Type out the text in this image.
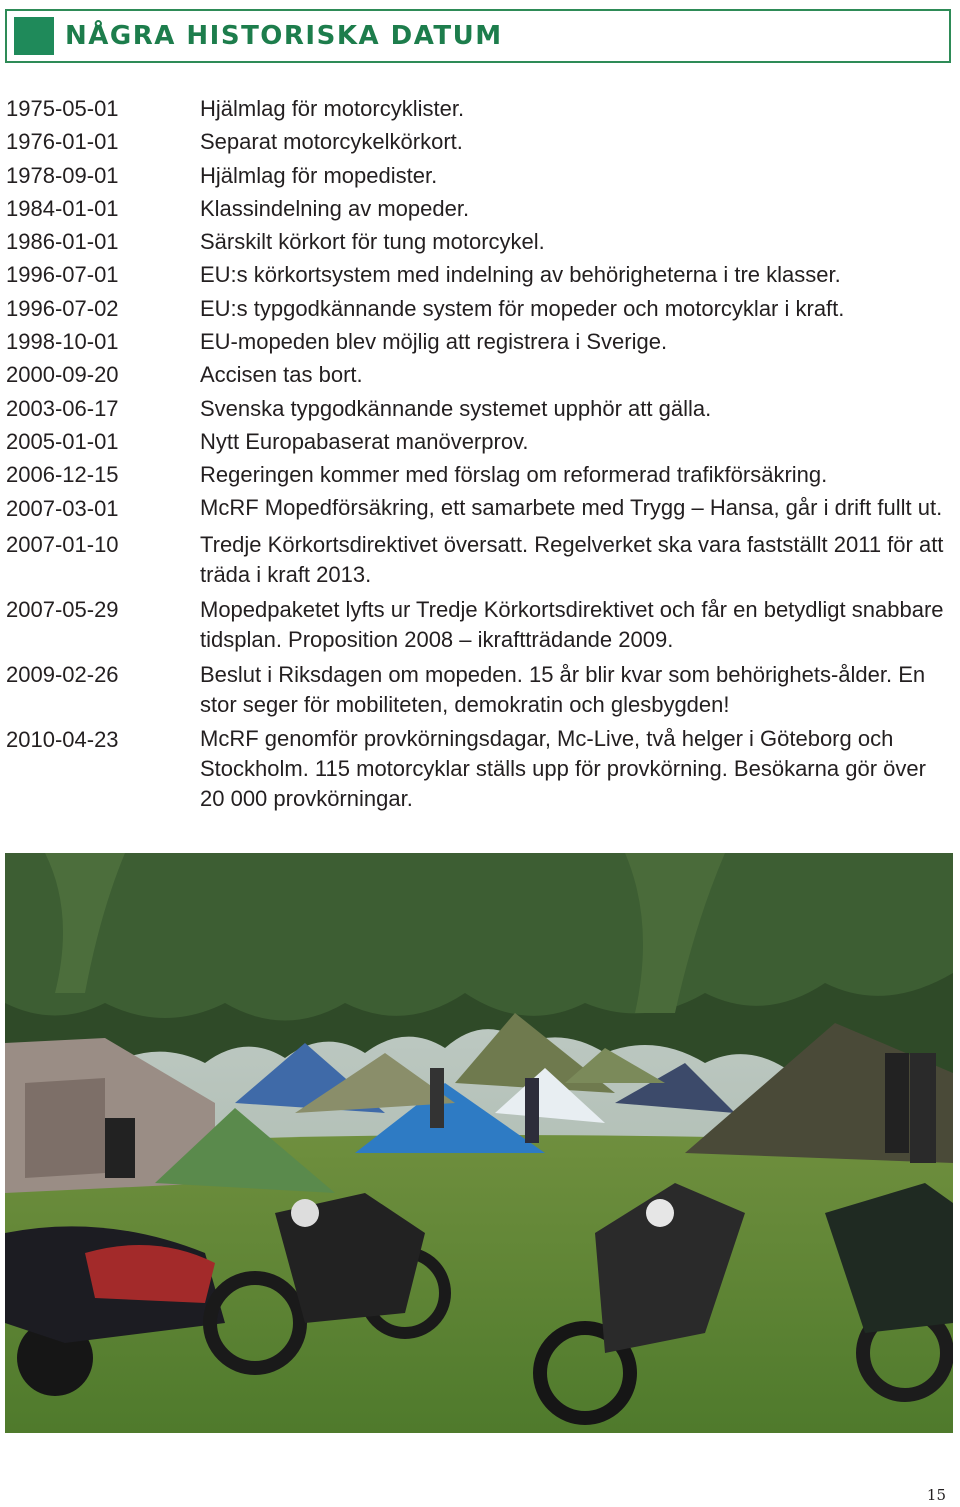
NÅGRA HISTORISKA DATUM
1975-05-01	Hjälmlag för motorcyklister.
1976-01-01	Separat motorcykelkörkort.
1978-09-01	Hjälmlag för mopedister.
1984-01-01	Klassindelning av mopeder.
1986-01-01	Särskilt körkort för tung motorcykel.
1996-07-01	EU:s körkortsystem med indelning av behörigheterna i tre klasser.
1996-07-02	EU:s typgodkännande system för mopeder och motorcyklar i kraft.
1998-10-01	EU-mopeden blev möjlig att registrera i Sverige.
2000-09-20	Accisen tas bort.
2003-06-17	Svenska typgodkännande systemet upphör att gälla.
2005-01-01	Nytt Europabaserat manöverprov.
2006-12-15	Regeringen kommer med förslag om reformerad trafikförsäkring.
2007-03-01	McRF Mopedförsäkring, ett samarbete med Trygg – Hansa, går i drift fullt ut.
2007-01-10	Tredje Körkortsdirektivet översatt. Regelverket ska vara fastställt 2011 för att träda i kraft 2013.
2007-05-29	Mopedpaketet lyfts ur Tredje Körkortsdirektivet och får en betydligt snabbare tidsplan. Proposition 2008 – ikraftträdande 2009.
2009-02-26	Beslut i Riksdagen om mopeden. 15 år blir kvar som behörighets-ålder. En stor seger för mobiliteten, demokratin och glesbygden!
2010-04-23	McRF genomför provkörningsdagar, Mc-Live, två helger i Göteborg och Stockholm. 115 motorcyklar ställs upp för provkörning. Besökarna gör över 20 000 provkörningar.
15
